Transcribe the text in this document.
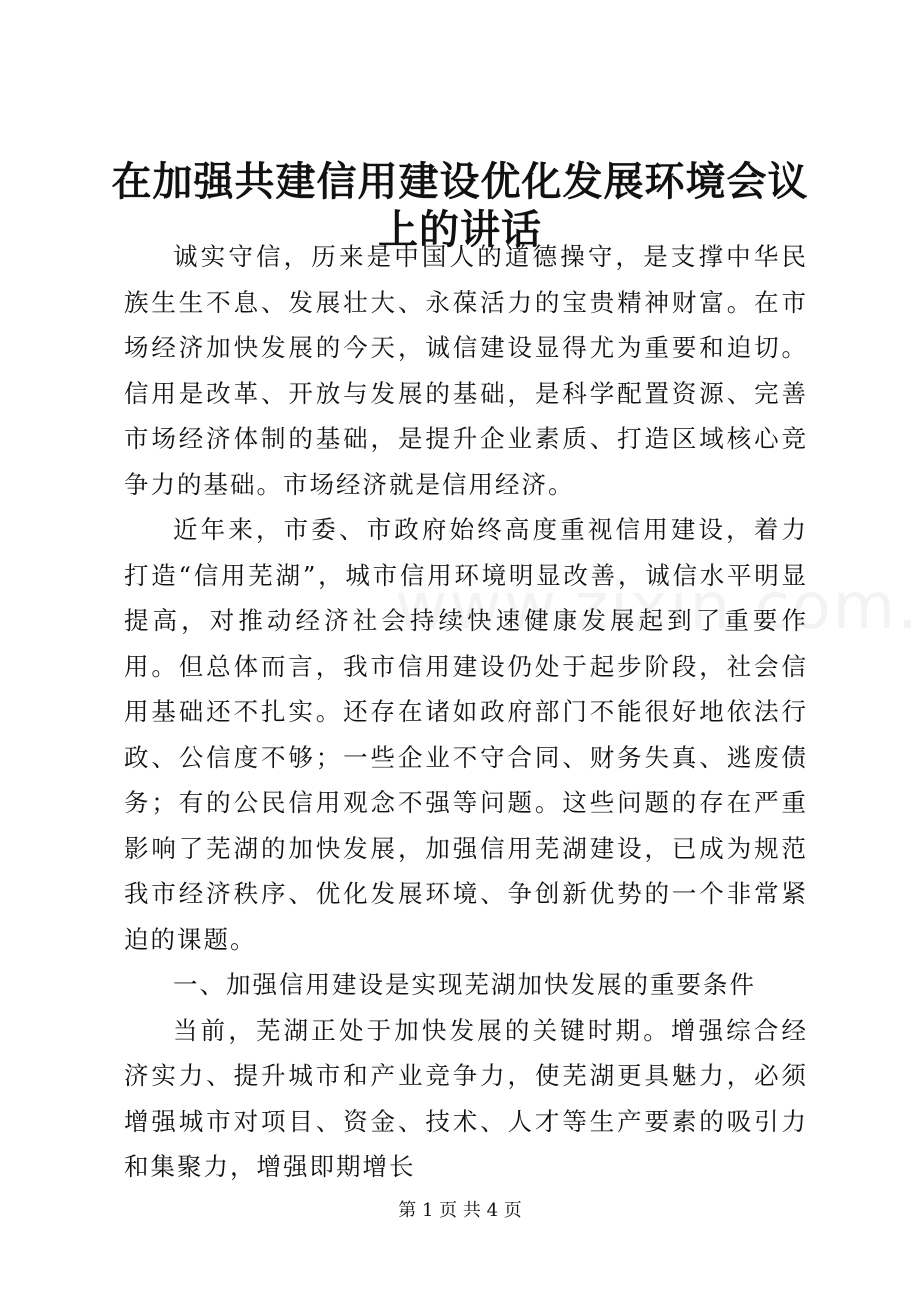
在加强共建信用建设优化发展环境会议上的讲话

诚实守信，历来是中国人的道德操守，是支撑中华民族生生不息、发展壮大、永葆活力的宝贵精神财富。在市场经济加快发展的今天，诚信建设显得尤为重要和迫切。信用是改革、开放与发展的基础，是科学配置资源、完善市场经济体制的基础，是提升企业素质、打造区域核心竞争力的基础。市场经济就是信用经济。

近年来，市委、市政府始终高度重视信用建设，着力打造“信用芜湖”，城市信用环境明显改善，诚信水平明显提高，对推动经济社会持续快速健康发展起到了重要作用。但总体而言，我市信用建设仍处于起步阶段，社会信用基础还不扎实。还存在诸如政府部门不能很好地依法行政、公信度不够；一些企业不守合同、财务失真、逃废债务；有的公民信用观念不强等问题。这些问题的存在严重影响了芜湖的加快发展，加强信用芜湖建设，已成为规范我市经济秩序、优化发展环境、争创新优势的一个非常紧迫的课题。

一、加强信用建设是实现芜湖加快发展的重要条件

当前，芜湖正处于加快发展的关键时期。增强综合经济实力、提升城市和产业竞争力，使芜湖更具魅力，必须增强城市对项目、资金、技术、人才等生产要素的吸引力和集聚力，增强即期增长

第 1 页 共 4 页
